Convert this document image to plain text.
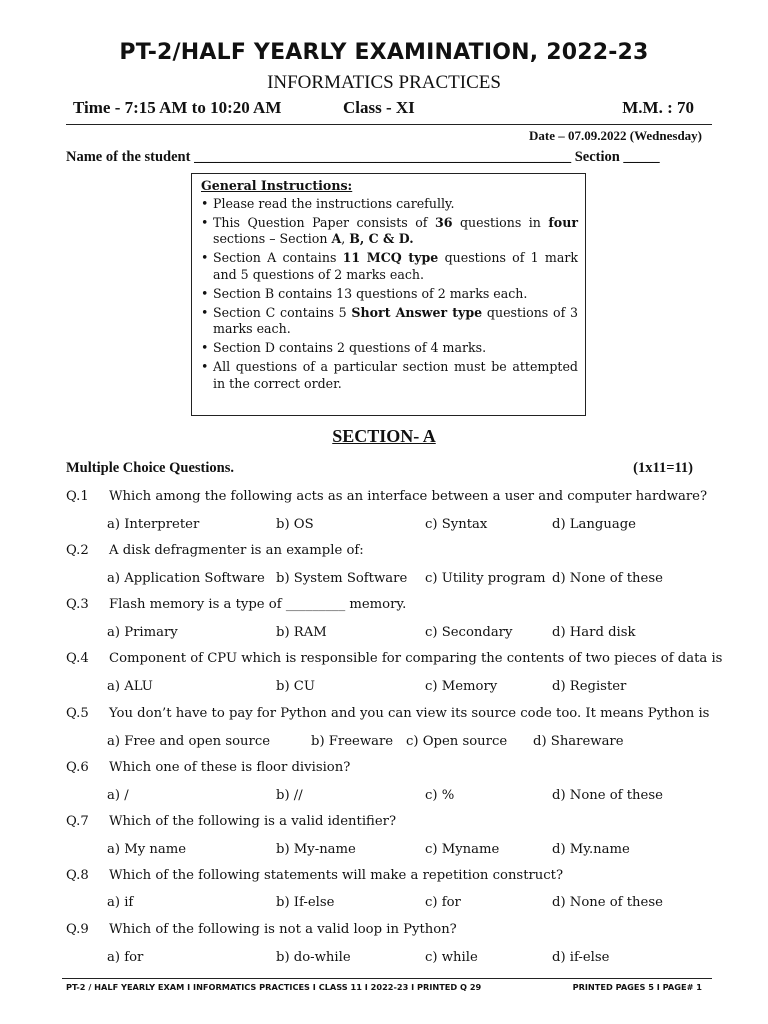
PT-2/HALF YEARLY EXAMINATION, 2022-23
INFORMATICS PRACTICES
Time - 7:15 AM to 10:20 AM	Class - XI	M.M. : 70
Date – 07.09.2022 (Wednesday)
Name of the student ____________________________________________________ Section _____
General Instructions:
• Please read the instructions carefully.
• This Question Paper consists of 36 questions in four sections – Section A, B, C & D.
• Section A contains 11 MCQ type questions of 1 mark and 5 questions of 2 marks each.
• Section B contains 13 questions of 2 marks each.
• Section C contains 5 Short Answer type questions of 3 marks each.
• Section D contains 2 questions of 4 marks.
• All questions of a particular section must be attempted in the correct order.
SECTION- A
Multiple Choice Questions.	(1x11=11)
Q.1 Which among the following acts as an interface between a user and computer hardware?
a) Interpreter	b) OS	c) Syntax	d) Language
Q.2 A disk defragmenter is an example of:
a) Application Software b) System Software c) Utility program d) None of these
Q.3 Flash memory is a type of _________ memory.
a) Primary	b) RAM	c) Secondary	d) Hard disk
Q.4 Component of CPU which is responsible for comparing the contents of two pieces of data is
a) ALU	b) CU	c) Memory	d) Register
Q.5 You don’t have to pay for Python and you can view its source code too. It means Python is
a) Free and open source	b) Freeware c) Open source d) Shareware
Q.6 Which one of these is floor division?
a) /	b) //	c) %	d) None of these
Q.7 Which of the following is a valid identifier?
a) My name	b) My-name	c) Myname	d) My.name
Q.8 Which of the following statements will make a repetition construct?
a) if	b) If-else	c) for	d) None of these
Q.9 Which of the following is not a valid loop in Python?
a) for	b) do-while	c) while	d) if-else
PT-2 / HALF YEARLY EXAM I INFORMATICS PRACTICES I CLASS 11 I 2022-23 I PRINTED Q 29	PRINTED PAGES 5 I PAGE# 1
